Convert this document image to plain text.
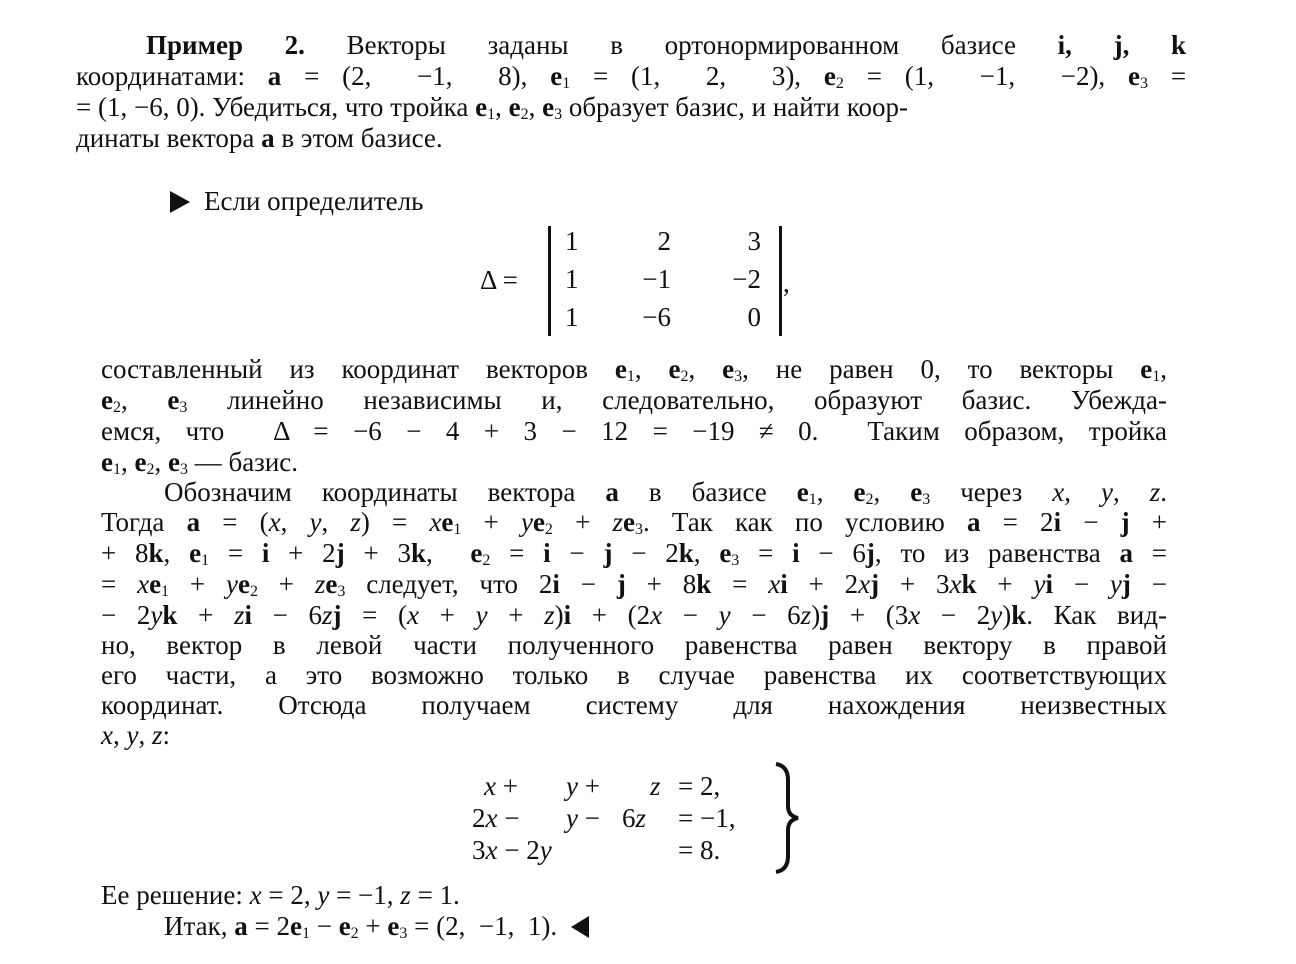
Пример 2. Векторы заданы в ортонормированном базисе i, j, k
координатами: a = (2,  −1,  8), $e_1 = (1$,  2,  3), $e_2 = (1$,  −1,  −2), $e_3$ =
= (1, −6, 0). Убедиться, что тройка $e_1$, $e_2$, $e_3$ образует базис, и найти коор-
динаты вектора a в этом базисе.
Если определитель
Δ =
1	2	3
1 −1 −2
1 −6	0
,
составленный из координат векторов $e_1$, $e_2$, $e_3$, не равен 0, то векторы $e_1$,
$e_2$, $e_3$ линейно независимы и, следовательно, образуют базис. Убежда-
емся, что  Δ = −6 − 4 + 3 − 12 = −19 ≠ 0.  Таким образом, тройка
$e_1$, $e_2$, $e_3$ — базис.
Обозначим координаты вектора a в базисе $e_1$, $e_2$, $e_3$ через x, y, z.
Тогда a = (x, y, $z) = xe_1 + ye_2 + ze_3$. Так как по условию a = 2i − j +
+ 8k, $e_1 = i + 2j + 3k$,  $e_2 = i - j - 2k$, $e_3 = i - 6j$, то из равенства a =
= $xe_1 + ye_2 + ze_3$ следует, что 2i − j + 8k = xi + 2xj + 3xk + yi − yj −
− 2yk + zi − 6zj = (x + y + z)i + (2x − y − 6z)j + (3x − 2y)k. Как вид-
но, вектор в левой части полученного равенства равен вектору в правой
его части, а это возможно только в случае равенства их соответствующих
координат. Отсюда получаем систему для нахождения неизвестных
x, y, z:
x + y + z = 2,
2x − y − 6z = −1,
3x − 2y	= 8.
Ее решение: x = 2, y = −1, z = 1.
Итак, $a = 2e_1 - e_2 + e_3 = (2$,  −1,  1).
